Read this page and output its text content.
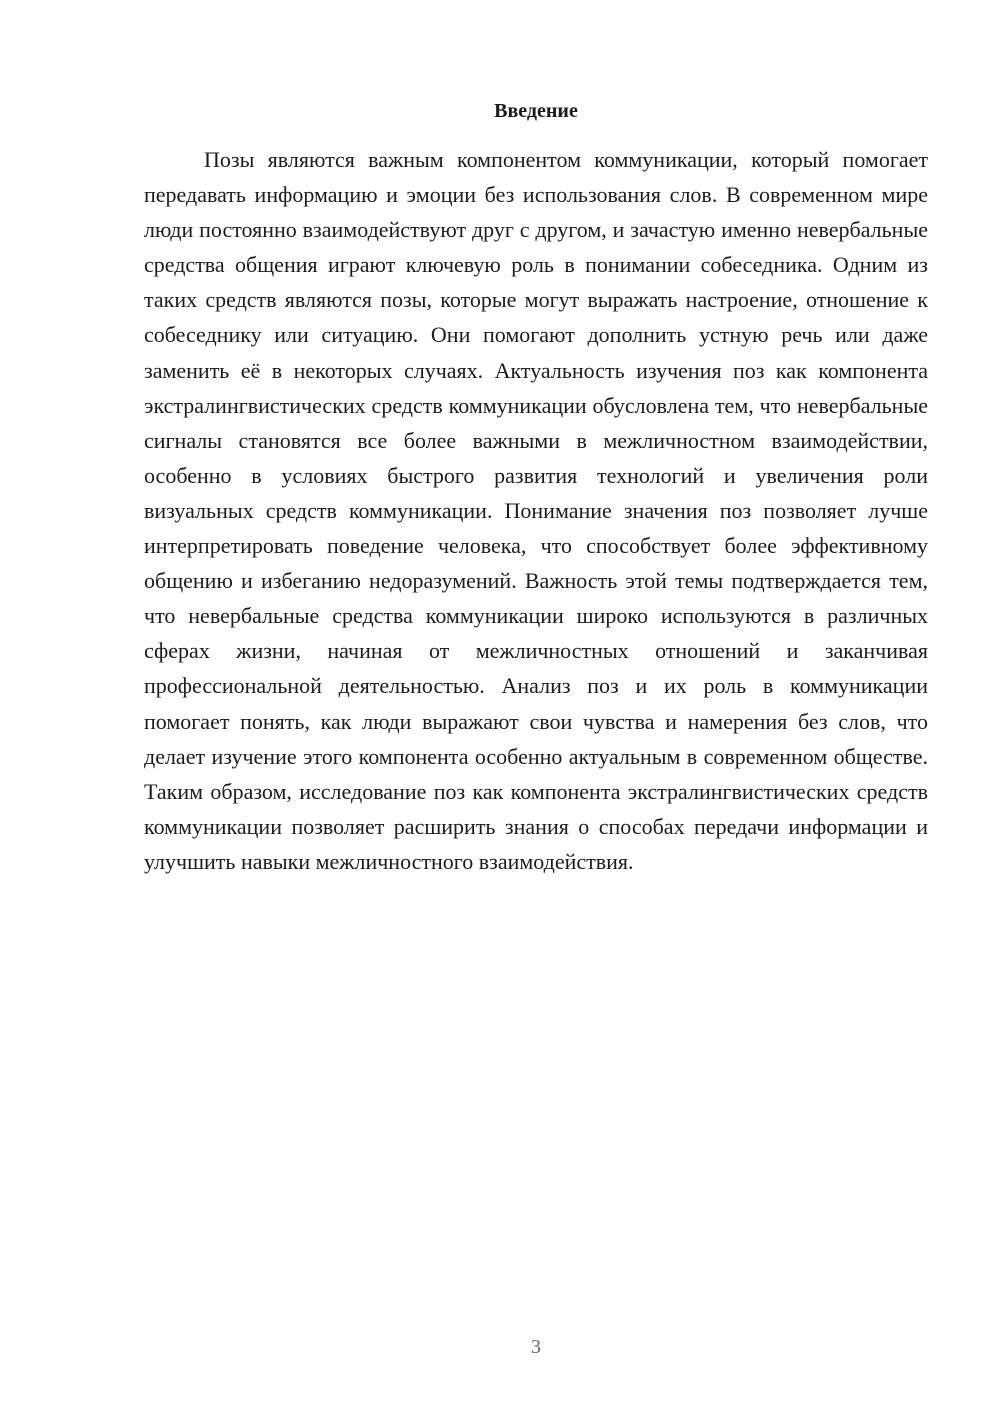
Введение

Позы являются важным компонентом коммуникации, который помогает передавать информацию и эмоции без использования слов. В современном мире люди постоянно взаимодействуют друг с другом, и зачастую именно невербальные средства общения играют ключевую роль в понимании собеседника. Одним из таких средств являются позы, которые могут выражать настроение, отношение к собеседнику или ситуацию. Они помогают дополнить устную речь или даже заменить её в некоторых случаях. Актуальность изучения поз как компонента экстралингвистических средств коммуникации обусловлена тем, что невербальные сигналы становятся все более важными в межличностном взаимодействии, особенно в условиях быстрого развития технологий и увеличения роли визуальных средств коммуникации. Понимание значения поз позволяет лучше интерпретировать поведение человека, что способствует более эффективному общению и избеганию недоразумений. Важность этой темы подтверждается тем, что невербальные средства коммуникации широко используются в различных сферах жизни, начиная от межличностных отношений и заканчивая профессиональной деятельностью. Анализ поз и их роль в коммуникации помогает понять, как люди выражают свои чувства и намерения без слов, что делает изучение этого компонента особенно актуальным в современном обществе. Таким образом, исследование поз как компонента экстралингвистических средств коммуникации позволяет расширить знания о способах передачи информации и улучшить навыки межличностного взаимодействия.

3
